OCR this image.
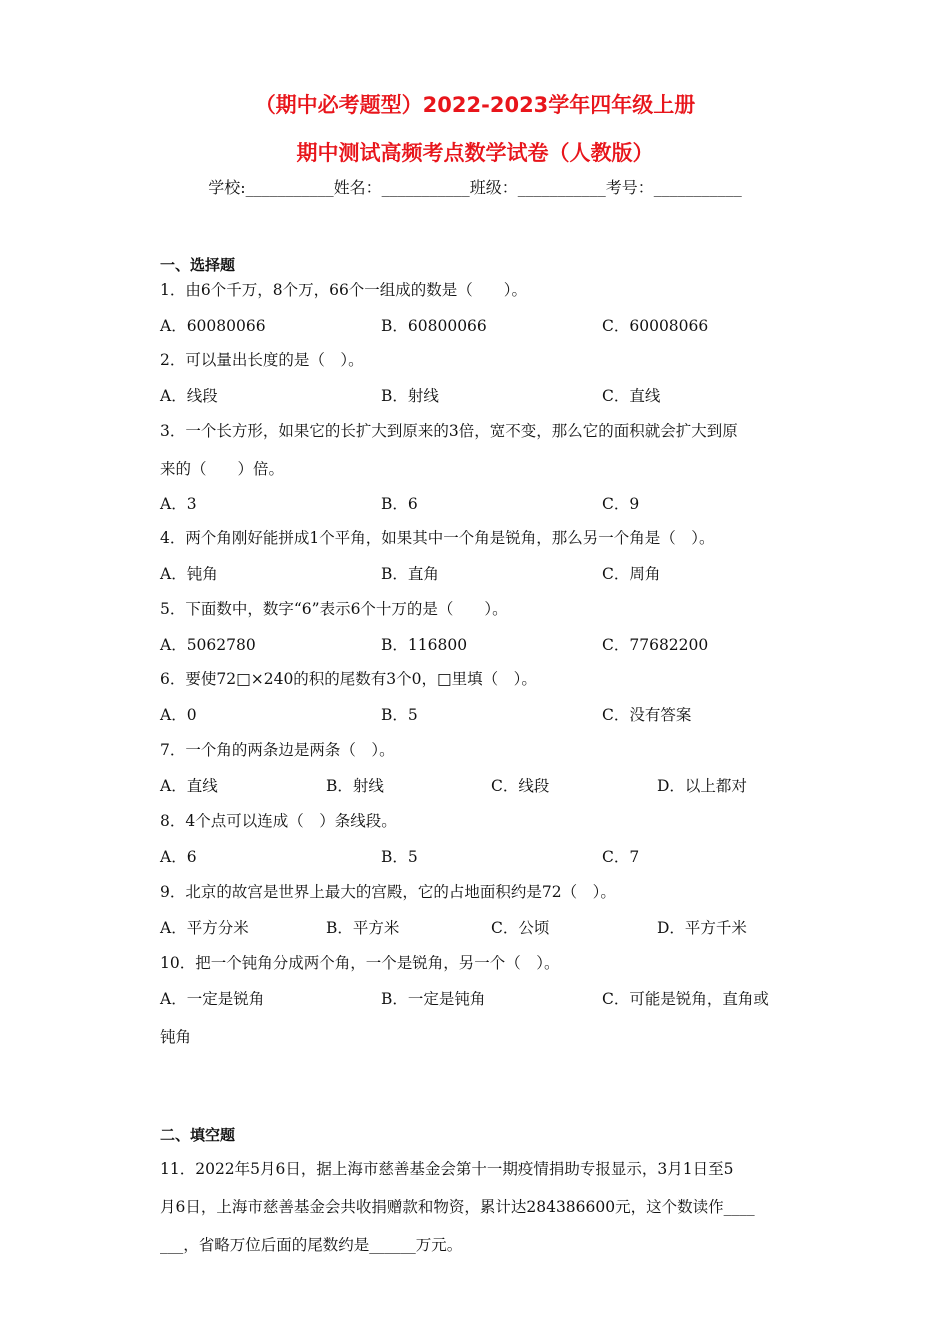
（期中必考题型）2022-2023学年四年级上册
期中测试高频考点数学试卷（人教版）
学校:___________姓名：___________班级：___________考号：___________
一、选择题
1．由6个千万，8个万，66个一组成的数是（　　）。
A．60080066	B．60800066	C．60008066
2．可以量出长度的是（　）。
A．线段	B．射线	C．直线
3．一个长方形，如果它的长扩大到原来的3倍，宽不变，那么它的面积就会扩大到原
来的（　　）倍。
A．3	B．6	C．9
4．两个角刚好能拼成1个平角，如果其中一个角是锐角，那么另一个角是（　）。
A．钝角	B．直角	C．周角
5．下面数中，数字“6”表示6个十万的是（　　）。
A．5062780	B．116800	C．77682200
6．要使72□×240的积的尾数有3个0，□里填（　）。
A．0	B．5	C．没有答案
7．一个角的两条边是两条（　）。
A．直线	B．射线	C．线段	D．以上都对
8．4个点可以连成（　）条线段。
A．6	B．5	C．7
9．北京的故宫是世界上最大的宫殿，它的占地面积约是72（　）。
A．平方分米	B．平方米	C．公顷	D．平方千米
10．把一个钝角分成两个角，一个是锐角，另一个（　）。
A．一定是锐角	B．一定是钝角	C．可能是锐角，直角或
钝角
二、填空题
11．2022年5月6日，据上海市慈善基金会第十一期疫情捐助专报显示，3月1日至5
月6日，上海市慈善基金会共收捐赠款和物资，累计达284386600元，这个数读作____
___，省略万位后面的尾数约是______万元。
